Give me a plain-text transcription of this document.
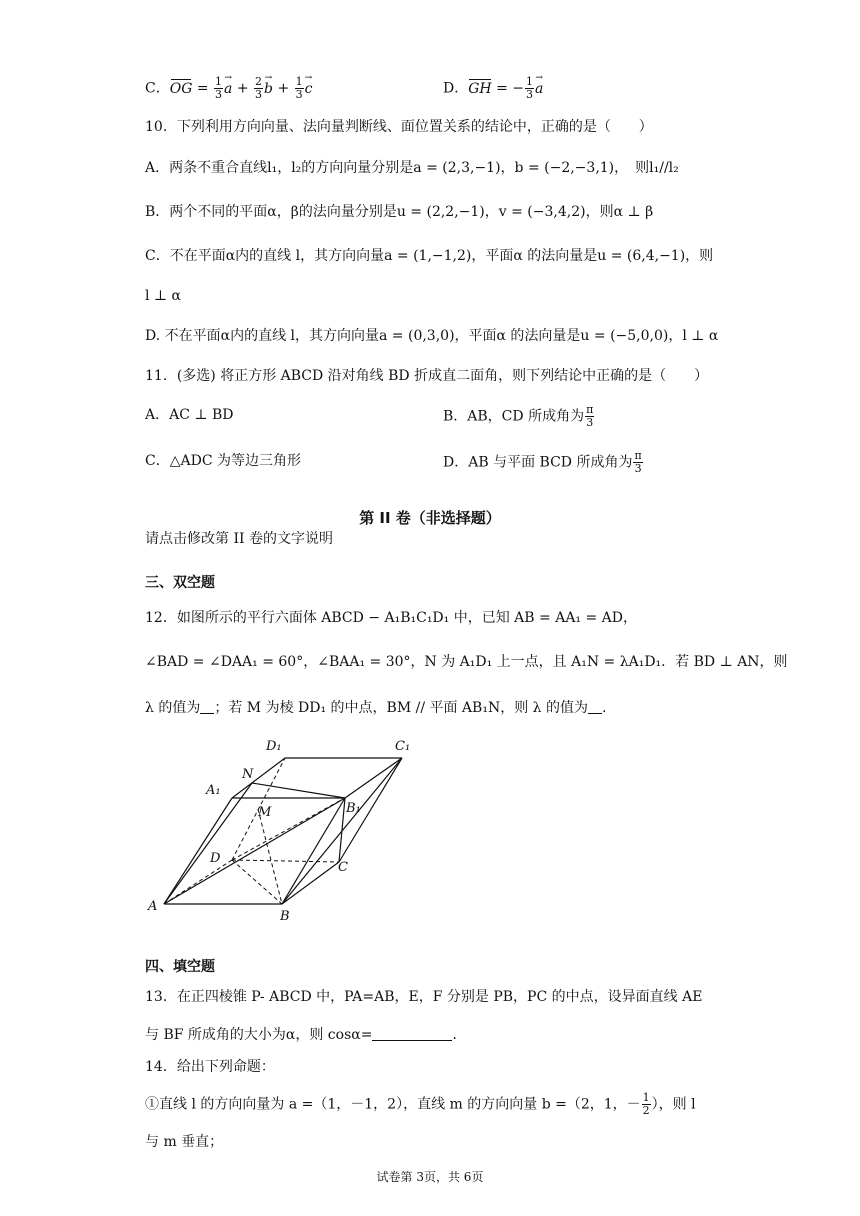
C．OG = $\frac{1}{3}$ a → + $\frac{2}{3}$ b → + $\frac{1}{3}$ c →	D．GH = − $\frac{1}{3}$ a →
10．下列利用方向向量、法向量判断线、面位置关系的结论中，正确的是（　　）
A．两条不重合直线l₁，l₂的方向向量分别是a = (2,3,−1)，b = (−2,−3,1)，　则l₁//l₂
B．两个不同的平面α，β的法向量分别是u = (2,2,−1)，v = (−3,4,2)，则α ⊥ β
C．不在平面α内的直线 l，其方向向量a = (1,−1,2)，平面α 的法向量是u = (6,4,−1)，则
l ⊥ α
D. 不在平面α内的直线 l，其方向向量a = (0,3,0)，平面α 的法向量是u = (−5,0,0)，l ⊥ α
11．(多选) 将正方形 ABCD 沿对角线 BD 折成直二面角，则下列结论中正确的是（　　）
A．AC ⊥ BD	B．AB，CD 所成角为 $\frac{\pi}{3}$
C．△ADC 为等边三角形	D．AB 与平面 BCD 所成角为 $\frac{\pi}{3}$
第 II 卷（非选择题）
请点击修改第 II 卷的文字说明
三、双空题
12．如图所示的平行六面体 ABCD − A₁B₁C₁D₁ 中，已知 AB = AA₁ = AD，
∠BAD = ∠DAA₁ = 60°，∠BAA₁ = 30°，N 为 A₁D₁ 上一点，且 A₁N = λA₁D₁．若 BD ⊥ AN，则
λ 的值为 ；若 M 为棱 DD₁ 的中点，BM // 平面 AB₁N，则 λ 的值为 .
D₁	C₁
A₁
N
M	B₁
D
C
A
B
四、填空题
13．在正四棱锥 P- ABCD 中，PA=AB，E，F 分别是 PB，PC 的中点，设异面直线 AE
与 BF 所成角的大小为α，则 cosα=	．
14．给出下列命题：
①直线 l 的方向向量为 a =（1，－1，2），直线 m 的方向向量 b =（2，1，－ $\frac{1}{2}$ ），则 l
与 m 垂直；
试卷第 3页，共 6页
